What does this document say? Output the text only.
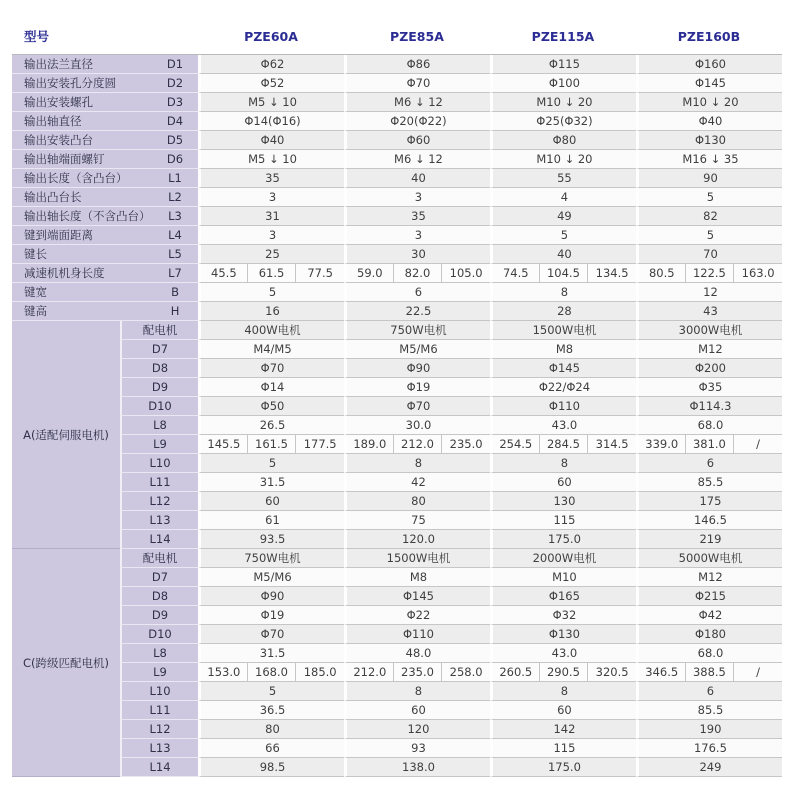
型号		PZE60A			PZE85A			PZE115A			PZE160B		

输出法兰直径 D1		Φ62			Φ86			Φ115			Φ160		

输出安装孔分度圆 D2		Φ52			Φ70			Φ100			Φ145		

输出安装螺孔 D3		M5 ↓ 10			M6 ↓ 12			M10 ↓ 20			M10 ↓ 20		

输出轴直径 D4		Φ14(Φ16)			Φ20(Φ22)			Φ25(Φ32)			Φ40		

输出安装凸台 D5		Φ40			Φ60			Φ80			Φ130		

输出轴端面螺钉 D6		M5 ↓ 10			M6 ↓ 12			M10 ↓ 20			M16 ↓ 35		

输出长度（含凸台） L1		35			40			55			90		

输出凸台长 L2		3			3			4			5		

输出轴长度（不含凸台） L3		31			35			49			82		

键到端面距离 L4		3			3			5			5		

键长 L5		25			30			40			70		

减速机机身长度 L7		45.5	61.5	77.5	59.0	82.0	105.0	74.5	104.5	134.5	80.5	122.5	163.0

键宽 B		5			6			8			12		

键高 H		16			22.5			28			43		
A(适配伺服电机)	配电机	400W电机			750W电机			1500W电机			3000W电机		
	D7	M4/M5			M5/M6			M8			M12		
	D8	Φ70			Φ90			Φ145			Φ200		
	D9	Φ14			Φ19			Φ22/Φ24			Φ35		
	D10	Φ50			Φ70			Φ110			Φ114.3		
	L8	26.5			30.0			43.0			68.0		
	L9	145.5	161.5	177.5	189.0	212.0	235.0	254.5	284.5	314.5	339.0	381.0	/
	L10	5			8			8			6		
	L11	31.5			42			60			85.5		
	L12	60			80			130			175		
	L13	61			75			115			146.5		
	L14	93.5			120.0			175.0			219		
C(跨级匹配电机)	配电机	750W电机			1500W电机			2000W电机			5000W电机		
	D7	M5/M6			M8			M10			M12		
	D8	Φ90			Φ145			Φ165			Φ215		
	D9	Φ19			Φ22			Φ32			Φ42		
	D10	Φ70			Φ110			Φ130			Φ180		
	L8	31.5			48.0			43.0			68.0		
	L9	153.0	168.0	185.0	212.0	235.0	258.0	260.5	290.5	320.5	346.5	388.5	/
	L10	5			8			8			6		
	L11	36.5			60			60			85.5		
	L12	80			120			142			190		
	L13	66			93			115			176.5		
	L14	98.5			138.0			175.0			249		
